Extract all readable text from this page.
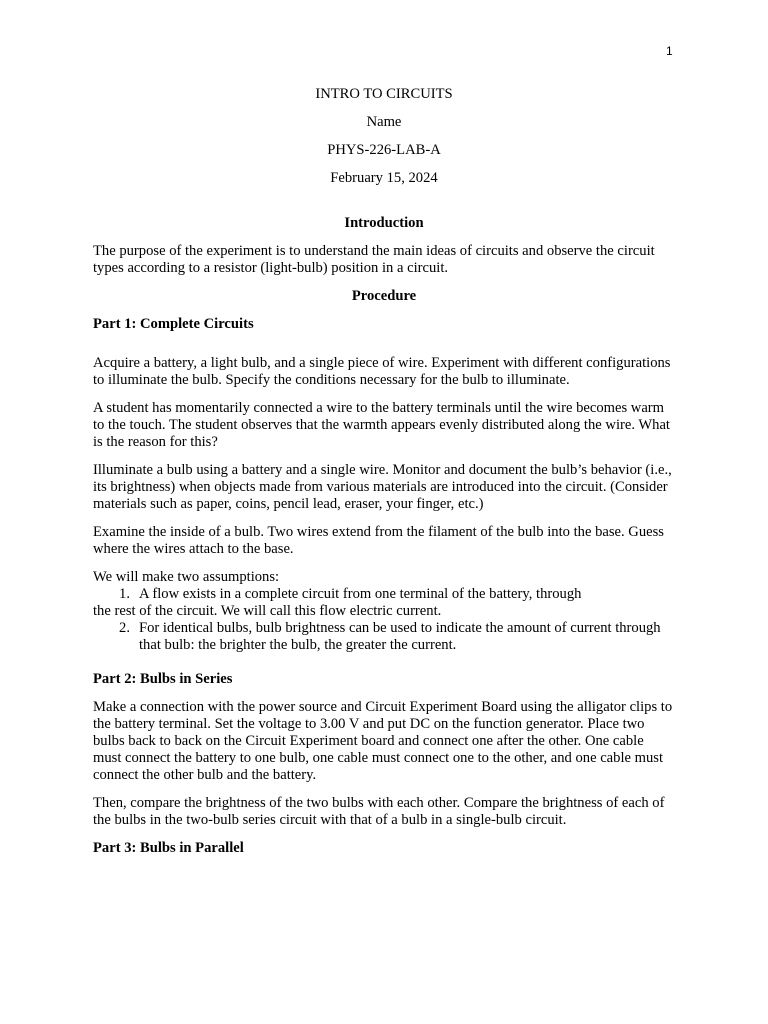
1

INTRO TO CIRCUITS

Name

PHYS-226-LAB-A

February 15, 2024

Introduction

The purpose of the experiment is to understand the main ideas of circuits and observe the circuit types according to a resistor (light-bulb) position in a circuit.

Procedure

Part 1: Complete Circuits

Acquire a battery, a light bulb, and a single piece of wire. Experiment with different configurations to illuminate the bulb. Specify the conditions necessary for the bulb to illuminate.

A student has momentarily connected a wire to the battery terminals until the wire becomes warm to the touch. The student observes that the warmth appears evenly distributed along the wire. What is the reason for this?

Illuminate a bulb using a battery and a single wire. Monitor and document the bulb’s behavior (i.e., its brightness) when objects made from various materials are introduced into the circuit. (Consider materials such as paper, coins, pencil lead, eraser, your finger, etc.)

Examine the inside of a bulb. Two wires extend from the filament of the bulb into the base. Guess where the wires attach to the base.

We will make two assumptions:

1. A flow exists in a complete circuit from one terminal of the battery, through

the rest of the circuit. We will call this flow electric current.

2. For identical bulbs, bulb brightness can be used to indicate the amount of current through that bulb: the brighter the bulb, the greater the current.

Part 2: Bulbs in Series

Make a connection with the power source and Circuit Experiment Board using the alligator clips to the battery terminal. Set the voltage to 3.00 V and put DC on the function generator. Place two bulbs back to back on the Circuit Experiment board and connect one after the other. One cable must connect the battery to one bulb, one cable must connect one to the other, and one cable must connect the other bulb and the battery.

Then, compare the brightness of the two bulbs with each other. Compare the brightness of each of the bulbs in the two-bulb series circuit with that of a bulb in a single-bulb circuit.

Part 3: Bulbs in Parallel
